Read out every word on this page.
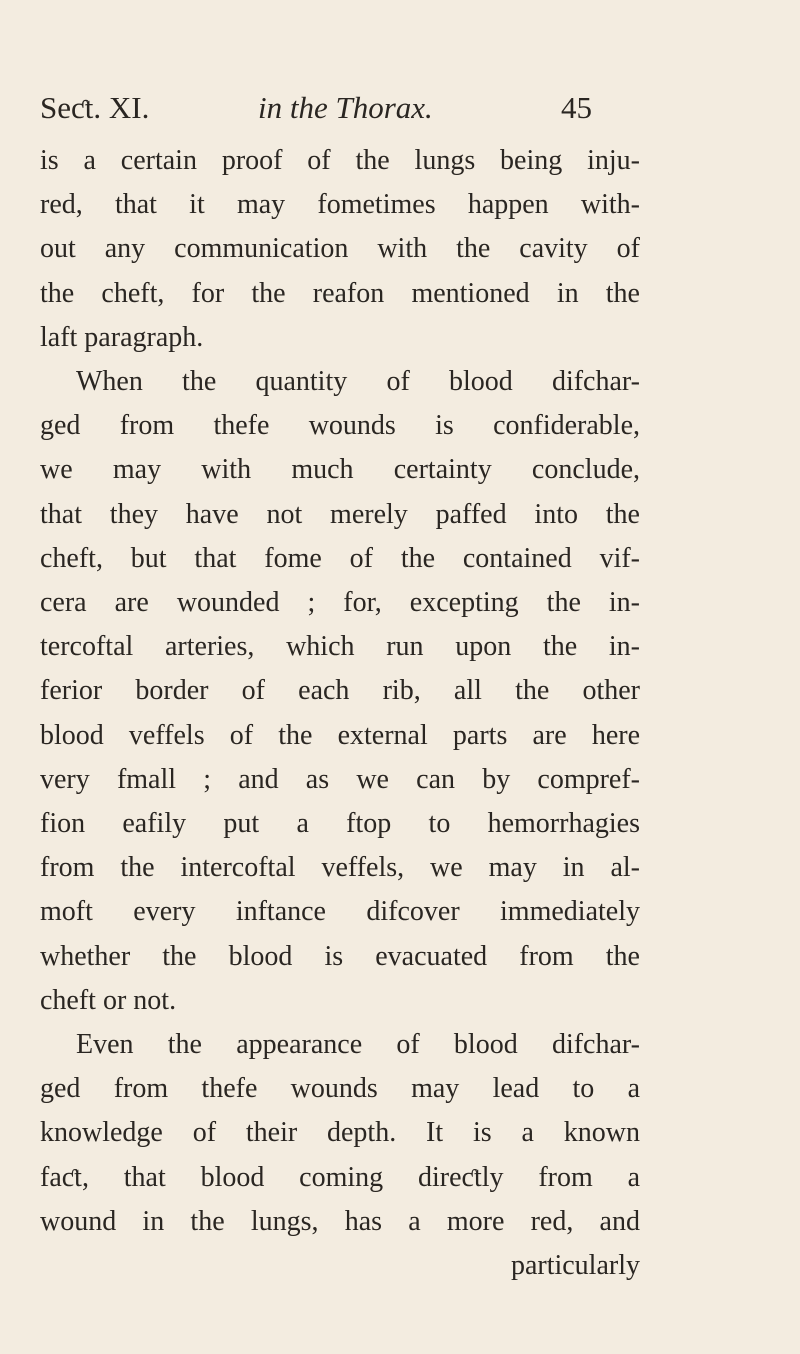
Seƈt. XI.	in the Thorax.	45
is a certain proof of the lungs being inju-
red, that it may fometimes happen with-
out any communication with the cavity of
the cheft, for the reafon mentioned in the
laft paragraph.
When the quantity of blood difchar-
ged from thefe wounds is confiderable,
we may with much certainty conclude,
that they have not merely paffed into the
cheft, but that fome of the contained vif-
cera are wounded ; for, excepting the in-
tercoftal arteries, which run upon the in-
ferior border of each rib, all the other
blood veffels of the external parts are here
very fmall ; and as we can by compref-
fion eafily put a ftop to hemorrhagies
from the intercoftal veffels, we may in al-
moft every inftance difcover immediately
whether the blood is evacuated from the
cheft or not.
Even the appearance of blood difchar-
ged from thefe wounds may lead to a
knowledge of their depth. It is a known
faƈt, that blood coming direƈtly from a
wound in the lungs, has a more red, and
particularly
